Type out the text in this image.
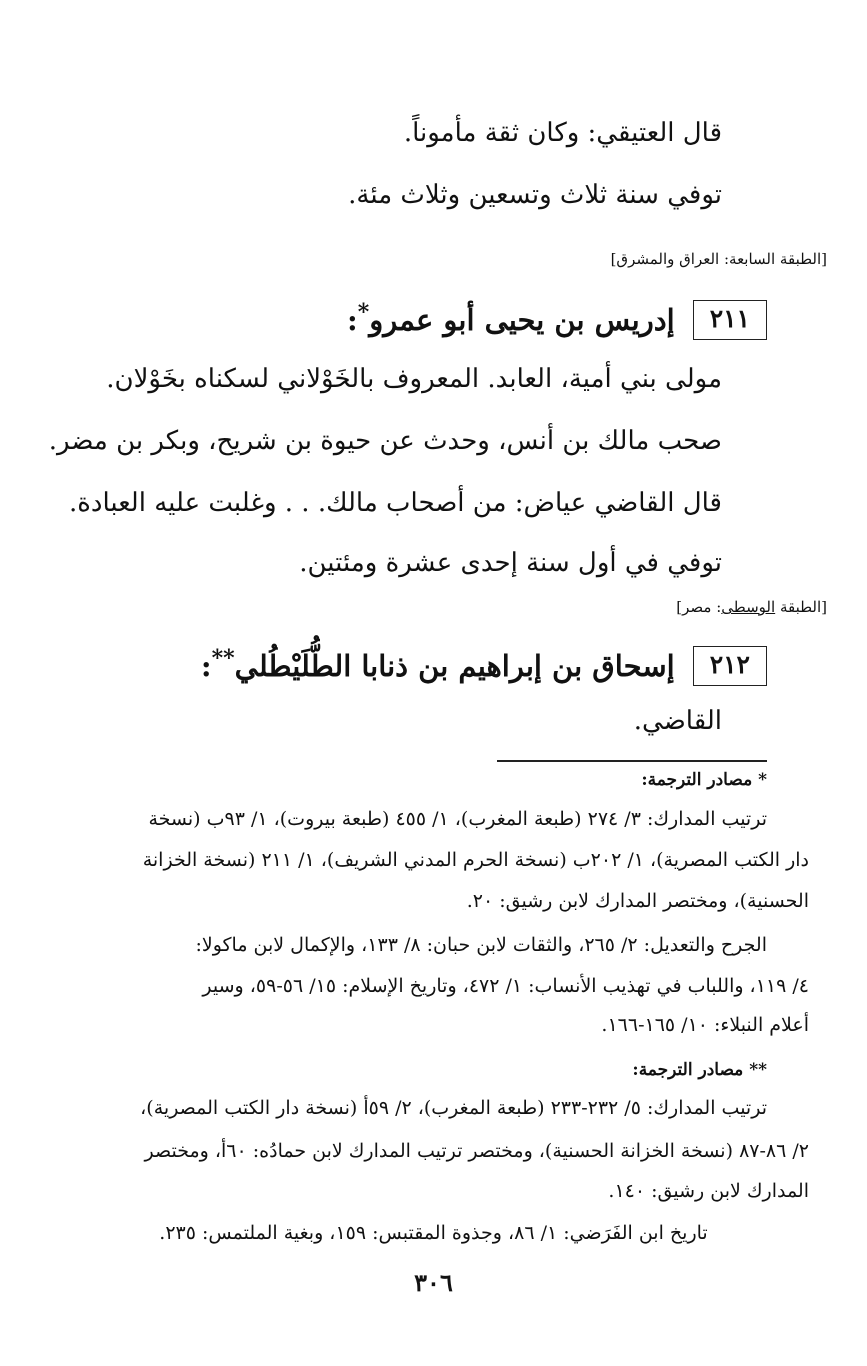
قال العتيقي: وكان ثقة مأموناً.
توفي سنة ثلاث وتسعين وثلاث مئة.
[الطبقة السابعة: العراق والمشرق]
٢١١
إدريس بن يحيى أبو عمرو*:
مولى بني أمية، العابد. المعروف بالخَوْلاني لسكناه بخَوْلان.
صحب مالك بن أنس، وحدث عن حيوة بن شريح، وبكر بن مضر.
قال القاضي عياض: من أصحاب مالك. . . وغلبت عليه العبادة.
توفي في أول سنة إحدى عشرة ومئتين.
[الطبقة الوسطى: مصر]
٢١٢
إسحاق بن إبراهيم بن ذنابا الطُّلَيْطُلي**:
القاضي.
* مصادر الترجمة:
ترتيب المدارك: ٣/ ٢٧٤ (طبعة المغرب)، ١/ ٤٥٥ (طبعة بيروت)، ١/ ٩٣ب (نسخة
دار الكتب المصرية)، ١/ ٢٠٢ب (نسخة الحرم المدني الشريف)، ١/ ٢١١ (نسخة الخزانة
الحسنية)، ومختصر المدارك لابن رشيق: ٢٠.
الجرح والتعديل: ٢/ ٢٦٥، والثقات لابن حبان: ٨/ ١٣٣، والإكمال لابن ماكولا:
٤/ ١١٩، واللباب في تهذيب الأنساب: ١/ ٤٧٢، وتاريخ الإسلام: ١٥/ ٥٦-٥٩، وسير
أعلام النبلاء: ١٠/ ١٦٥-١٦٦.
** مصادر الترجمة:
ترتيب المدارك: ٥/ ٢٣٢-٢٣٣ (طبعة المغرب)، ٢/ ٥٩أ (نسخة دار الكتب المصرية)،
٢/ ٨٦-٨٧ (نسخة الخزانة الحسنية)، ومختصر ترتيب المدارك لابن حمادُه: ٦٠أ، ومختصر
المدارك لابن رشيق: ١٤٠.
تاريخ ابن الفَرَضي: ١/ ٨٦، وجذوة المقتبس: ١٥٩، وبغية الملتمس: ٢٣٥.
٣٠٦
